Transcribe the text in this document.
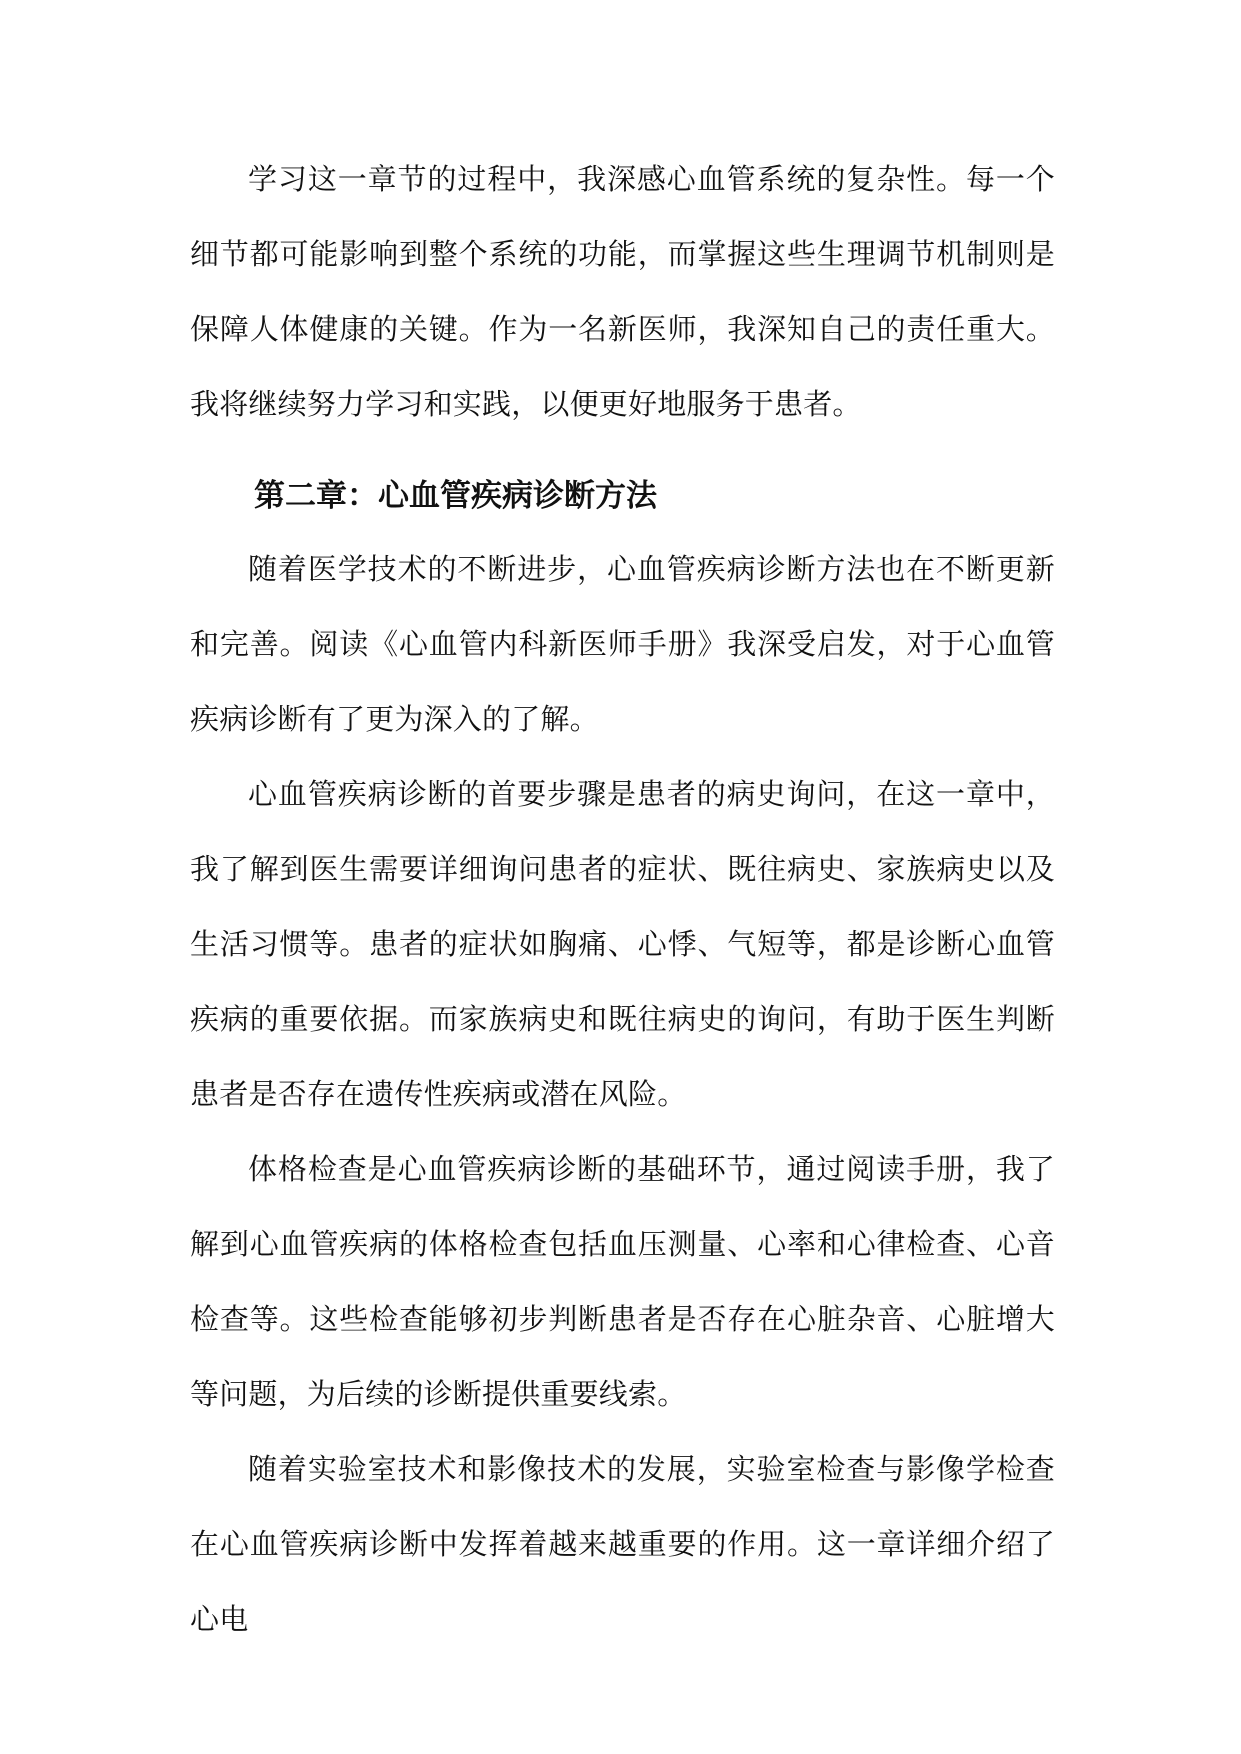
学习这一章节的过程中，我深感心血管系统的复杂性。每一个细节都可能影响到整个系统的功能，而掌握这些生理调节机制则是保障人体健康的关键。作为一名新医师，我深知自己的责任重大。我将继续努力学习和实践，以便更好地服务于患者。

第二章：心血管疾病诊断方法

随着医学技术的不断进步，心血管疾病诊断方法也在不断更新和完善。阅读《心血管内科新医师手册》我深受启发，对于心血管疾病诊断有了更为深入的了解。

心血管疾病诊断的首要步骤是患者的病史询问，在这一章中，我了解到医生需要详细询问患者的症状、既往病史、家族病史以及生活习惯等。患者的症状如胸痛、心悸、气短等，都是诊断心血管疾病的重要依据。而家族病史和既往病史的询问，有助于医生判断患者是否存在遗传性疾病或潜在风险。

体格检查是心血管疾病诊断的基础环节，通过阅读手册，我了解到心血管疾病的体格检查包括血压测量、心率和心律检查、心音检查等。这些检查能够初步判断患者是否存在心脏杂音、心脏增大等问题，为后续的诊断提供重要线索。

随着实验室技术和影像技术的发展，实验室检查与影像学检查在心血管疾病诊断中发挥着越来越重要的作用。这一章详细介绍了心电
